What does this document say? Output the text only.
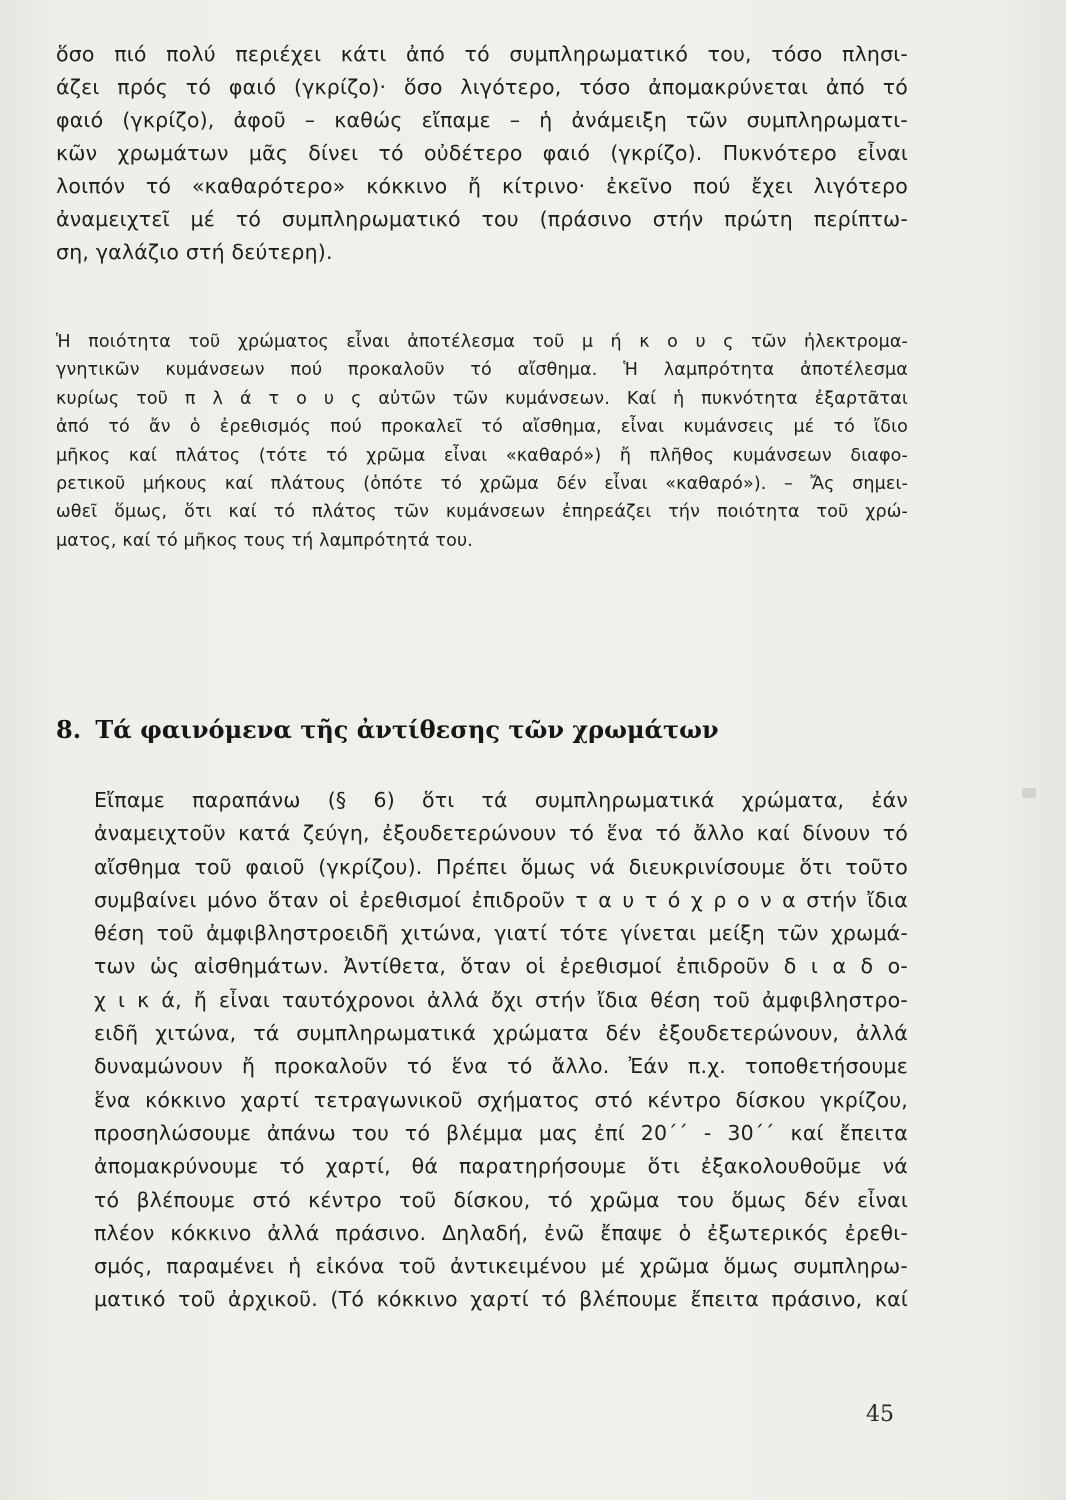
ὅσο πιό πολύ περιέχει κάτι ἀπό τό συμπληρωματικό του, τόσο πλησι-
άζει πρός τό φαιό (γκρίζο)· ὅσο λιγότερο, τόσο ἀπομακρύνεται ἀπό τό
φαιό (γκρίζο), ἀφοῦ – καθώς εἴπαμε – ἡ ἀνάμειξη τῶν συμπληρωματι-
κῶν χρωμάτων μᾶς δίνει τό οὐδέτερο φαιό (γκρίζο). Πυκνότερο εἶναι
λοιπόν τό «καθαρότερο» κόκκινο ἤ κίτρινο· ἐκεῖνο πού ἔχει λιγότερο
ἀναμειχτεῖ μέ τό συμπληρωματικό του (πράσινο στήν πρώτη περίπτω-
ση, γαλάζιο στή δεύτερη).

Ἡ ποιότητα τοῦ χρώματος εἶναι ἀποτέλεσμα τοῦ μ ή κ ο υ ς τῶν ἠλεκτρομα-
γνητικῶν κυμάνσεων πού προκαλοῦν τό αἴσθημα. Ἡ λαμπρότητα ἀποτέλεσμα
κυρίως τοῦ π λ ά τ ο υ ς αὐτῶν τῶν κυμάνσεων. Καί ἡ πυκνότητα ἐξαρτᾶται
ἀπό τό ἄν ὁ ἐρεθισμός πού προκαλεῖ τό αἴσθημα, εἶναι κυμάνσεις μέ τό ἴδιο
μῆκος καί πλάτος (τότε τό χρῶμα εἶναι «καθαρό») ἤ πλῆθος κυμάνσεων διαφο-
ρετικοῦ μήκους καί πλάτους (ὁπότε τό χρῶμα δέν εἶναι «καθαρό»). – Ἄς σημει-
ωθεῖ ὅμως, ὅτι καί τό πλάτος τῶν κυμάνσεων ἐπηρεάζει τήν ποιότητα τοῦ χρώ-
ματος, καί τό μῆκος τους τή λαμπρότητά του.

8. Τά φαινόμενα τῆς ἀντίθεσης τῶν χρωμάτων

Εἴπαμε παραπάνω (§ 6) ὅτι τά συμπληρωματικά χρώματα, ἐάν
ἀναμειχτοῦν κατά ζεύγη, ἐξουδετερώνουν τό ἕνα τό ἄλλο καί δίνουν τό
αἴσθημα τοῦ φαιοῦ (γκρίζου). Πρέπει ὅμως νά διευκρινίσουμε ὅτι τοῦτο
συμβαίνει μόνο ὅταν οἱ ἐρεθισμοί ἐπιδροῦν τ α υ τ ό χ ρ ο ν α στήν ἴδια
θέση τοῦ ἀμφιβληστροειδῆ χιτώνα, γιατί τότε γίνεται μείξη τῶν χρωμά-
των ὡς αἰσθημάτων. Ἀντίθετα, ὅταν οἱ ἐρεθισμοί ἐπιδροῦν δ ι α δ ο-
χ ι κ ά, ἤ εἶναι ταυτόχρονοι ἀλλά ὄχι στήν ἴδια θέση τοῦ ἀμφιβληστρο-
ειδῆ χιτώνα, τά συμπληρωματικά χρώματα δέν ἐξουδετερώνουν, ἀλλά
δυναμώνουν ἤ προκαλοῦν τό ἕνα τό ἄλλο. Ἐάν π.χ. τοποθετήσουμε
ἕνα κόκκινο χαρτί τετραγωνικοῦ σχήματος στό κέντρο δίσκου γκρίζου,
προσηλώσουμε ἀπάνω του τό βλέμμα μας ἐπί 20΄΄ - 30΄΄ καί ἔπειτα
ἀπομακρύνουμε τό χαρτί, θά παρατηρήσουμε ὅτι ἐξακολουθοῦμε νά
τό βλέπουμε στό κέντρο τοῦ δίσκου, τό χρῶμα του ὅμως δέν εἶναι
πλέον κόκκινο ἀλλά πράσινο. Δηλαδή, ἐνῶ ἔπαψε ὁ ἐξωτερικός ἐρεθι-
σμός, παραμένει ἡ εἰκόνα τοῦ ἀντικειμένου μέ χρῶμα ὅμως συμπληρω-
ματικό τοῦ ἀρχικοῦ. (Τό κόκκινο χαρτί τό βλέπουμε ἔπειτα πράσινο, καί

45
